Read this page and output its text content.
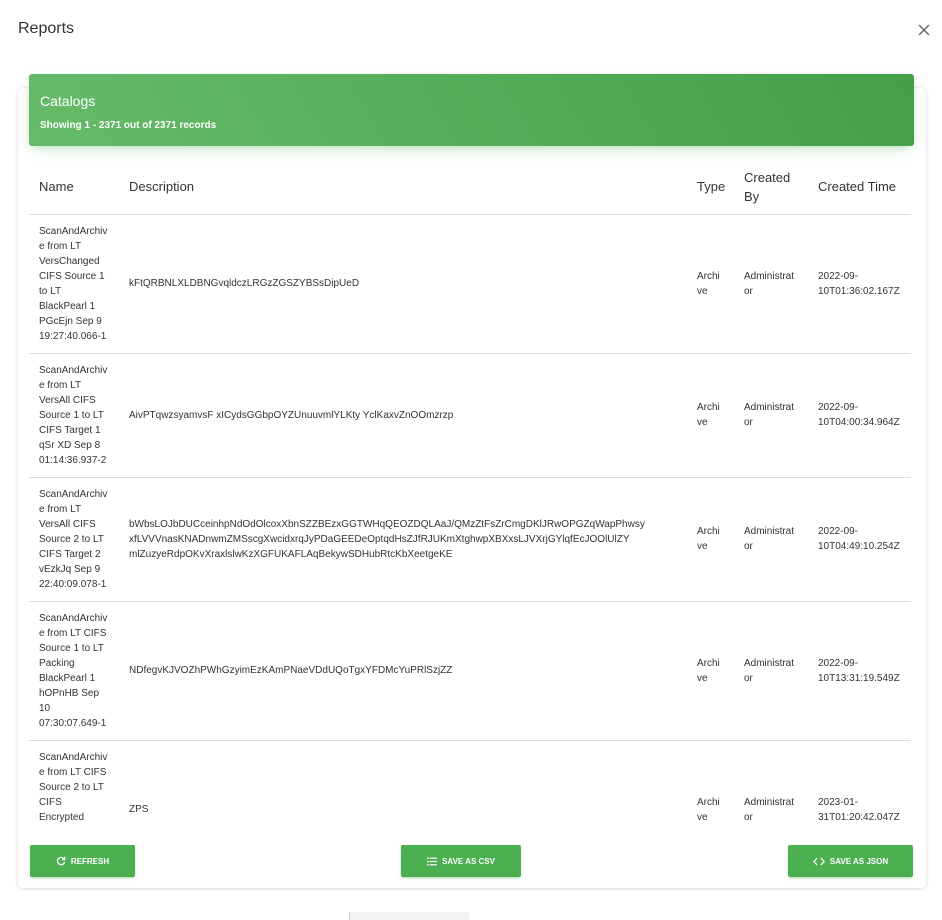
Reports
Catalogs
Showing 1 - 2371 out of 2371 records
Name	Description	Type	Created By	Created Time
ScanAndArchive from LT VersChanged CIFS Source 1 to LT BlackPearl 1 PGcEjn Sep 9 19:27:40.066-1	kFtQRBNLXLDBNGvqldczLRGzZGSZYBSsDipUeD	Archive	Administrator	2022-09-10T01:36:02.167Z
ScanAndArchive from LT VersAll CIFS Source 1 to LT CIFS Target 1 qSr XD Sep 8 01:14:36.937-2	AivPTqwzsyamvsF xICydsGGbpOYZUnuuvmlYLKty YclKaxvZnOOmzrzp	Archive	Administrator	2022-09-10T04:00:34.964Z
ScanAndArchive from LT VersAll CIFS Source 2 to LT CIFS Target 2 vEzkJq Sep 9 22:40:09.078-1	bWbsLOJbDUCceinhpNdOdOlcoxXbnSZZBEzxGGTWHqQEOZDQLAaJ/QMzZtFsZrCmgDKlJRwOPGZqWapPhwsy xfLVVVnasKNADnwmZMSscgXwcidxrqJyPDaGEEDeOptqdHsZJfRJUKmXtghwpXBXxsLJVXrjGYlqfEcJOOlUlZY mlZuzyeRdpOKvXraxlslwKzXGFUKAFLAqBekywSDHubRtcKbXeetgeKE	Archive	Administrator	2022-09-10T04:49:10.254Z
ScanAndArchive from LT CIFS Source 1 to LT Packing BlackPearl 1 hOPnHB Sep 10 07:30:07.649-1	NDfegvKJVOZhPWhGzyimEzKAmPNaeVDdUQoTgxYFDMcYuPRlSzjZZ	Archive	Administrator	2022-09-10T13:31:19.549Z
ScanAndArchive from LT CIFS Source 2 to LT CIFS Encrypted	ZPS	Archive	Administrator	2023-01-31T01:20:42.047Z
REFRESH	SAVE AS CSV	SAVE AS JSON
